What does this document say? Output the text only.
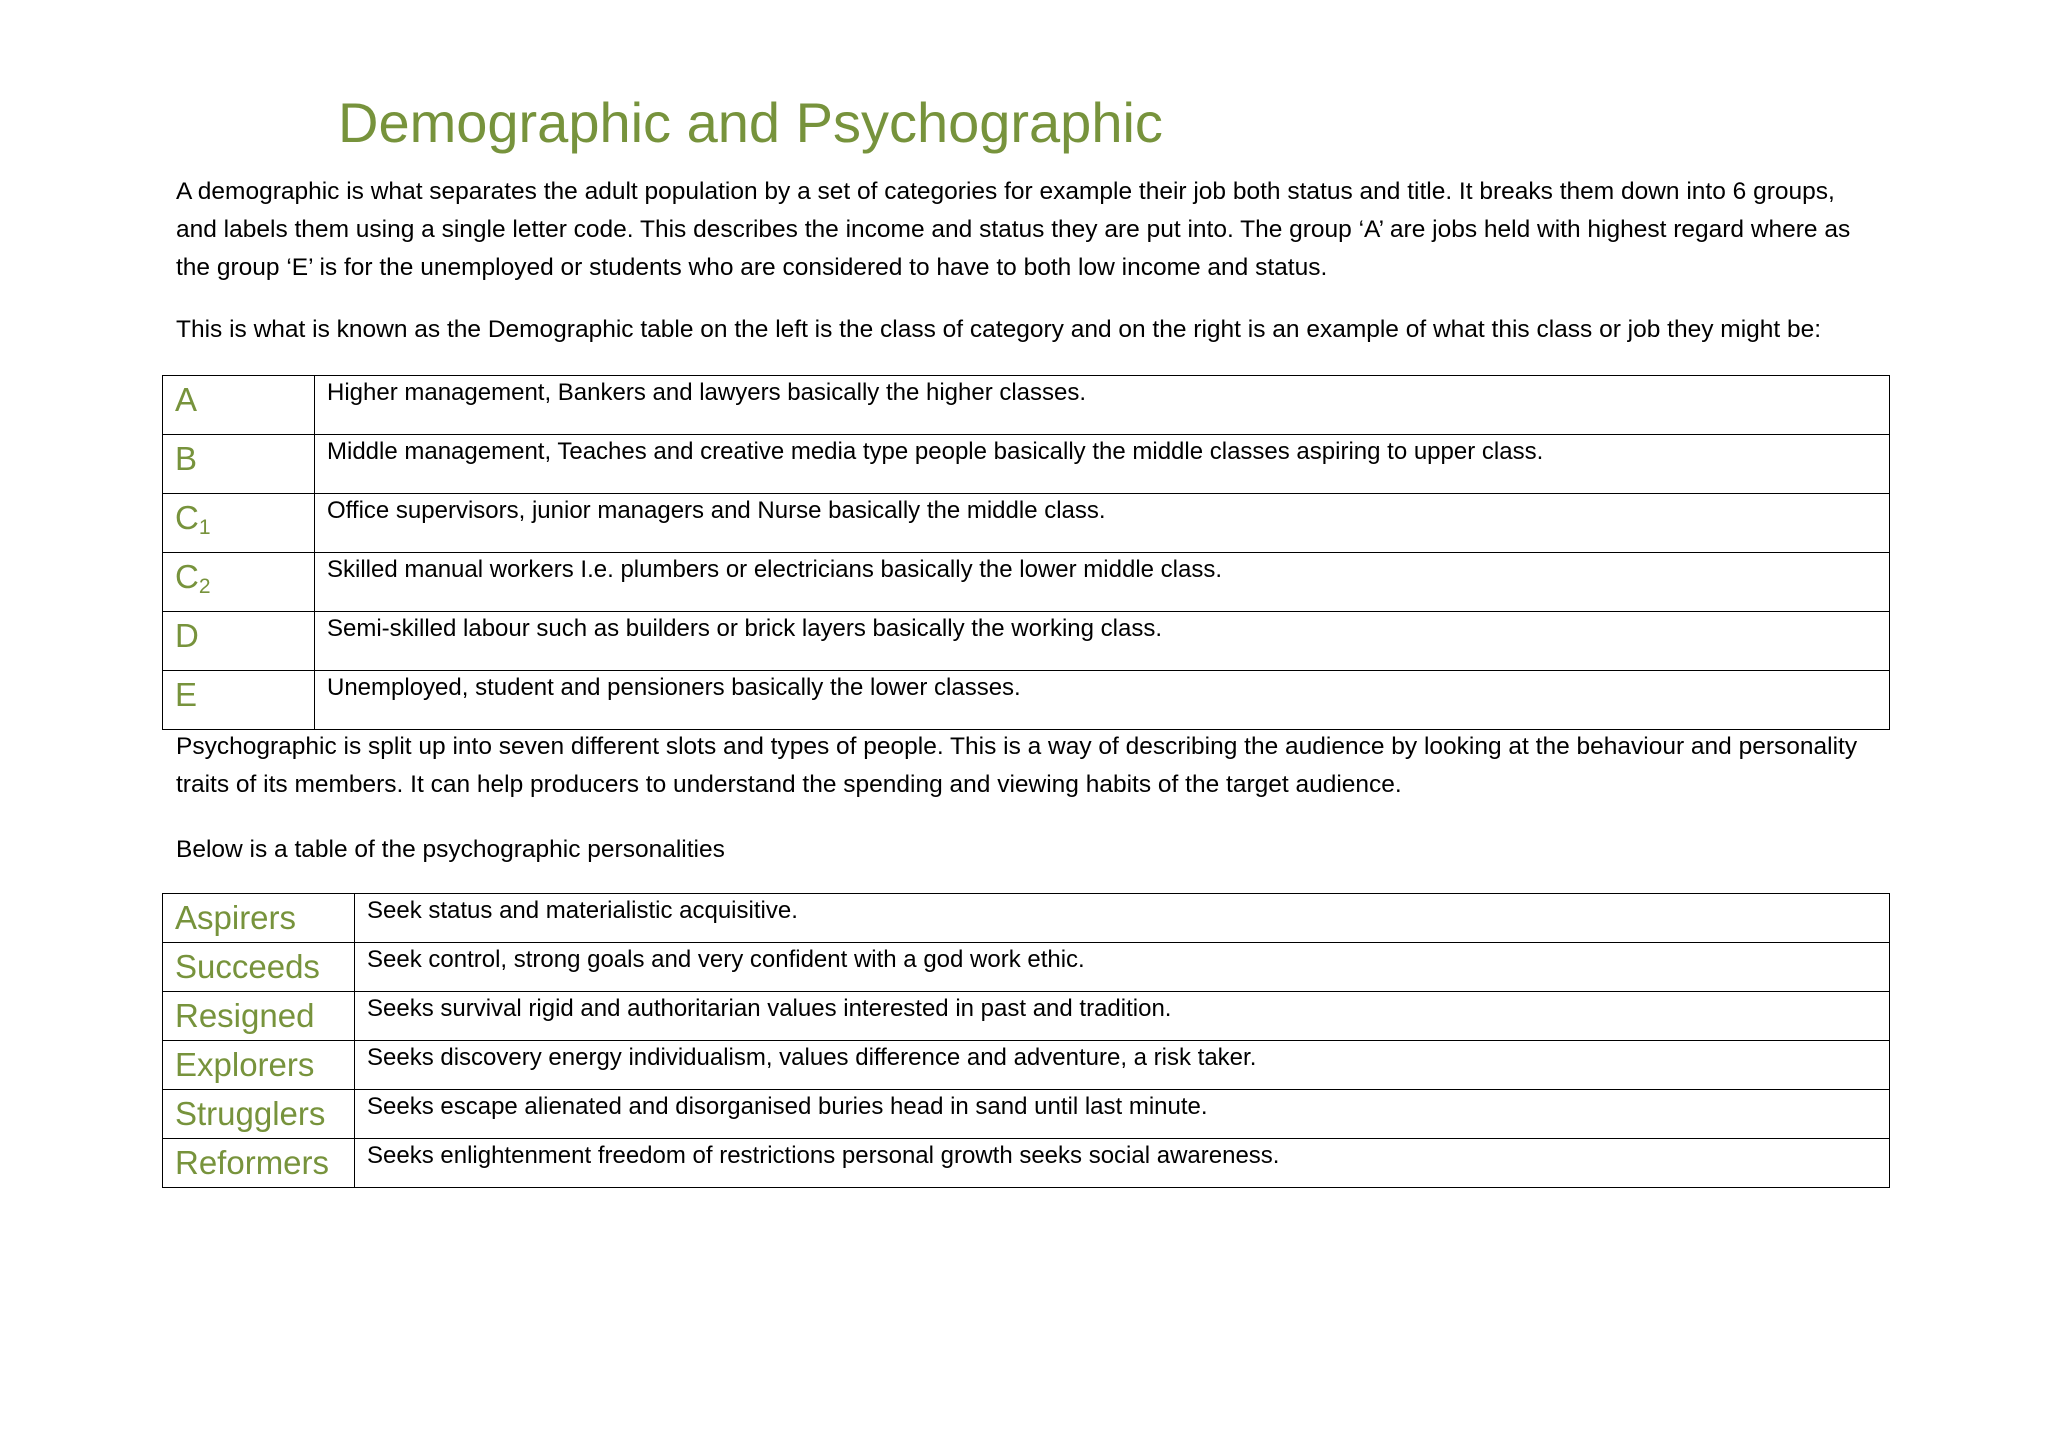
Demographic and Psychographic

A demographic is what separates the adult population by a set of categories for example their job both status and title. It breaks them down into 6 groups, and labels them using a single letter code. This describes the income and status they are put into. The group ‘A’ are jobs held with highest regard where as the group ‘E’ is for the unemployed or students who are considered to have to both low income and status.

This is what is known as the Demographic table on the left is the class of category and on the right is an example of what this class or job they might be:

A	Higher management, Bankers and lawyers basically the higher classes.
B	Middle management, Teaches and creative media type people basically the middle classes aspiring to upper class.
$C_1$	Office supervisors, junior managers and Nurse basically the middle class.
$C_2$	Skilled manual workers I.e. plumbers or electricians basically the lower middle class.
D	Semi-skilled labour such as builders or brick layers basically the working class.
E	Unemployed, student and pensioners basically the lower classes.

Psychographic is split up into seven different slots and types of people. This is a way of describing the audience by looking at the behaviour and personality traits of its members. It can help producers to understand the spending and viewing habits of the target audience.

Below is a table of the psychographic personalities

Aspirers	Seek status and materialistic acquisitive.
Succeeds	Seek control, strong goals and very confident with a god work ethic.
Resigned	Seeks survival rigid and authoritarian values interested in past and tradition.
Explorers	Seeks discovery energy individualism, values difference and adventure, a risk taker.
Strugglers	Seeks escape alienated and disorganised buries head in sand until last minute.
Reformers	Seeks enlightenment freedom of restrictions personal growth seeks social awareness.
